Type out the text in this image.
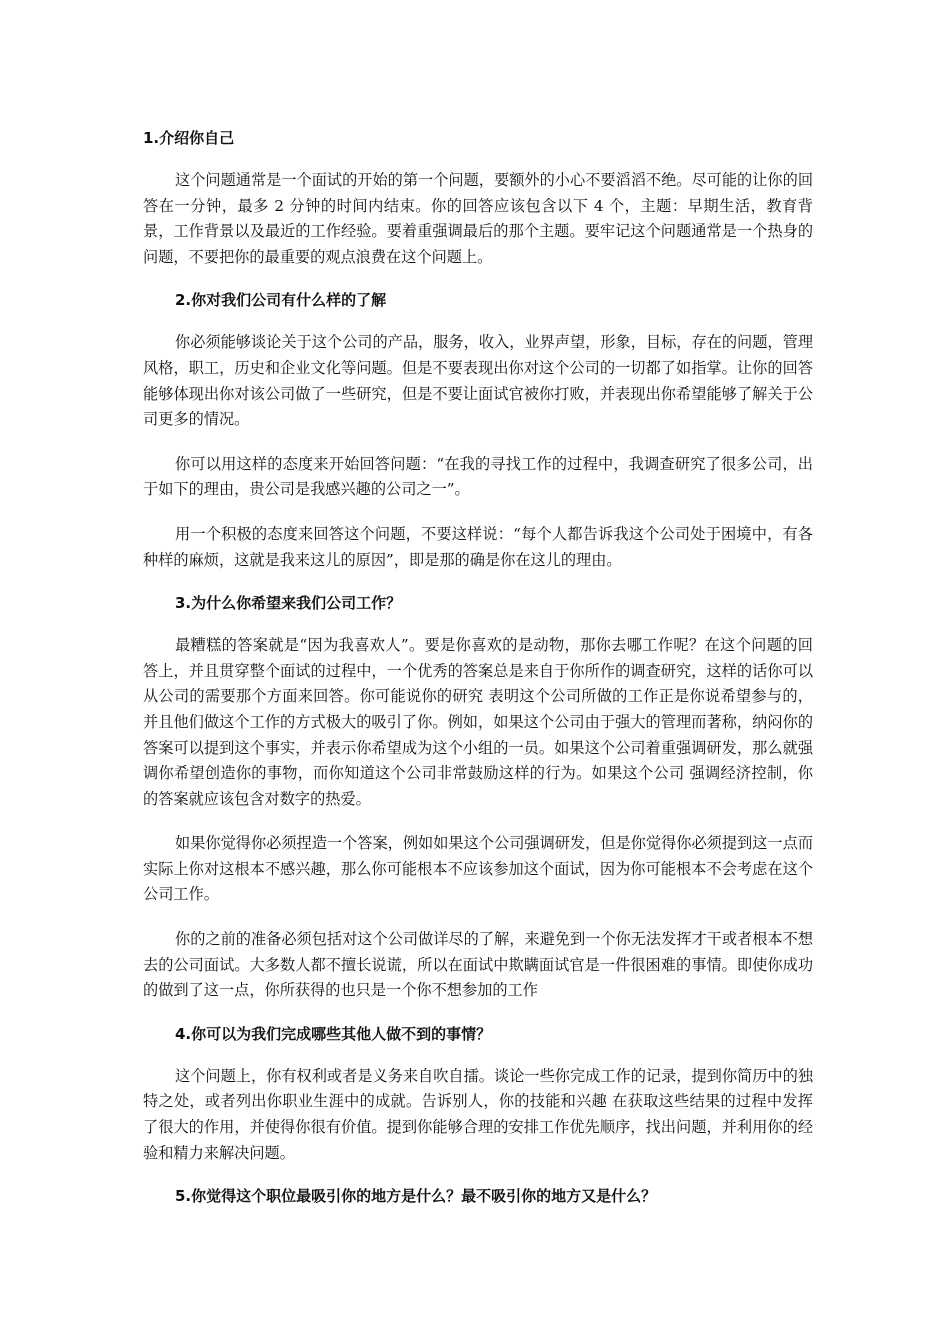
1.介绍你自己

这个问题通常是一个面试的开始的第一个问题，要额外的小心不要滔滔不绝。尽可能的让你的回答在一分钟，最多 2 分钟的时间内结束。你的回答应该包含以下 4 个，主题：早期生活，教育背景，工作背景以及最近的工作经验。要着重强调最后的那个主题。要牢记这个问题通常是一个热身的问题，不要把你的最重要的观点浪费在这个问题上。

2.你对我们公司有什么样的了解

你必须能够谈论关于这个公司的产品，服务，收入，业界声望，形象，目标，存在的问题，管理风格，职工，历史和企业文化等问题。但是不要表现出你对这个公司的一切都了如指掌。让你的回答能够体现出你对该公司做了一些研究，但是不要让面试官被你打败，并表现出你希望能够了解关于公司更多的情况。

你可以用这样的态度来开始回答问题：“在我的寻找工作的过程中，我调查研究了很多公司，出于如下的理由，贵公司是我感兴趣的公司之一”。

用一个积极的态度来回答这个问题，不要这样说：“每个人都告诉我这个公司处于困境中，有各种样的麻烦，这就是我来这儿的原因”，即是那的确是你在这儿的理由。

3.为什么你希望来我们公司工作？

最糟糕的答案就是“因为我喜欢人”。要是你喜欢的是动物，那你去哪工作呢？在这个问题的回答上，并且贯穿整个面试的过程中，一个优秀的答案总是来自于你所作的调查研究，这样的话你可以从公司的需要那个方面来回答。你可能说你的研究 表明这个公司所做的工作正是你说希望参与的，并且他们做这个工作的方式极大的吸引了你。例如，如果这个公司由于强大的管理而著称，纳闷你的答案可以提到这个事实，并表示你希望成为这个小组的一员。如果这个公司着重强调研发，那么就强调你希望创造你的事物，而你知道这个公司非常鼓励这样的行为。如果这个公司 强调经济控制，你的答案就应该包含对数字的热爱。

如果你觉得你必须捏造一个答案，例如如果这个公司强调研发，但是你觉得你必须提到这一点而实际上你对这根本不感兴趣，那么你可能根本不应该参加这个面试，因为你可能根本不会考虑在这个公司工作。

你的之前的准备必须包括对这个公司做详尽的了解，来避免到一个你无法发挥才干或者根本不想去的公司面试。大多数人都不擅长说谎，所以在面试中欺瞒面试官是一件很困难的事情。即使你成功的做到了这一点，你所获得的也只是一个你不想参加的工作

4.你可以为我们完成哪些其他人做不到的事情？

这个问题上，你有权利或者是义务来自吹自擂。谈论一些你完成工作的记录，提到你简历中的独特之处，或者列出你职业生涯中的成就。告诉别人，你的技能和兴趣 在获取这些结果的过程中发挥了很大的作用，并使得你很有价值。提到你能够合理的安排工作优先顺序，找出问题，并利用你的经验和精力来解决问题。

5.你觉得这个职位最吸引你的地方是什么？最不吸引你的地方又是什么？
